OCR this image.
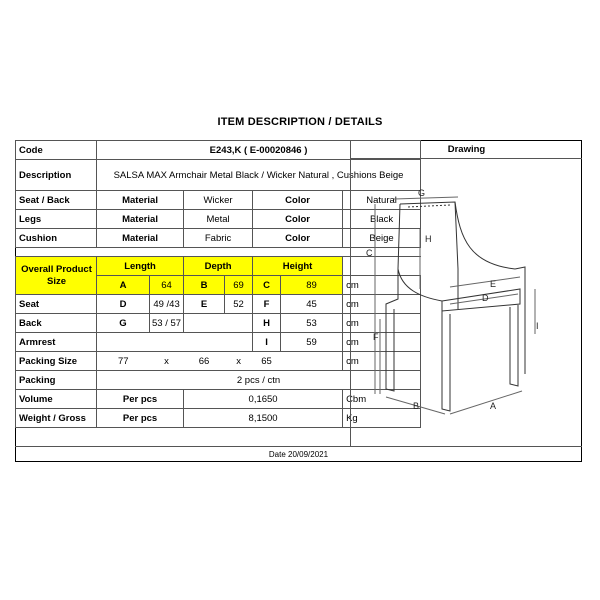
ITEM DESCRIPTION / DETAILS
Code	E243,K ( E-00020846 )						
Description	SALSA MAX Armchair Metal Black / Wicker Natural , Cushions Beige						
Seat / Back	Material		Wicker		Color		Natural
Legs	Material		Metal		Color		Black
Cushion	Material		Fabric		Color		Beige

Overall Product Size	Length		Depth		Height		
	A	64	B	69	C	89	cm
Seat	D	49 /43	E	52	F	45	cm
Back	G	53 / 57			H	53	cm
Armrest					I	59	cm
Packing Size	77	x	66	x	65		cm
Packing	2 pcs / ctn						
Volume	Per pcs		0,1650				Cbm
Weight / Gross	Per pcs		8,1500				Kg
Drawing
G
H
C
E
D
F
I
B	A
Date 20/09/2021
